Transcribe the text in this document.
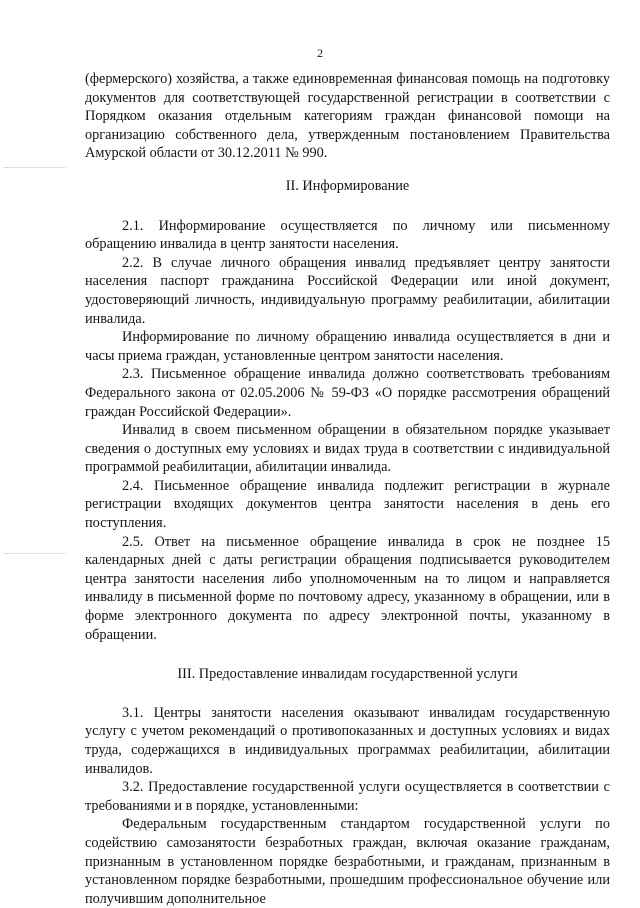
2

(фермерского) хозяйства, а также единовременная финансовая помощь на подготовку документов для соответствующей государственной регистрации в соответствии с Порядком оказания отдельным категориям граждан финансовой помощи на организацию собственного дела, утвержденным постановлением Правительства Амурской области от 30.12.2011 № 990.

II. Информирование

2.1. Информирование осуществляется по личному или письменному обращению инвалида в центр занятости населения.

2.2. В случае личного обращения инвалид предъявляет центру занятости населения паспорт гражданина Российской Федерации или иной документ, удостоверяющий личность, индивидуальную программу реабилитации, абилитации инвалида.

Информирование по личному обращению инвалида осуществляется в дни и часы приема граждан, установленные центром занятости населения.

2.3. Письменное обращение инвалида должно соответствовать требованиям Федерального закона от 02.05.2006 № 59-ФЗ «О порядке рассмотрения обращений граждан Российской Федерации».

Инвалид в своем письменном обращении в обязательном порядке указывает сведения о доступных ему условиях и видах труда в соответствии с индивидуальной программой реабилитации, абилитации инвалида.

2.4. Письменное обращение инвалида подлежит регистрации в журнале регистрации входящих документов центра занятости населения в день его поступления.

2.5. Ответ на письменное обращение инвалида в срок не позднее 15 календарных дней с даты регистрации обращения подписывается руководителем центра занятости населения либо уполномоченным на то лицом и направляется инвалиду в письменной форме по почтовому адресу, указанному в обращении, или в форме электронного документа по адресу электронной почты, указанному в обращении.

III. Предоставление инвалидам государственной услуги

3.1. Центры занятости населения оказывают инвалидам государственную услугу с учетом рекомендаций о противопоказанных и доступных условиях и видах труда, содержащихся в индивидуальных программах реабилитации, абилитации инвалидов.

3.2. Предоставление государственной услуги осуществляется в соответствии с требованиями и в порядке, установленными:

Федеральным государственным стандартом государственной услуги по содействию самозанятости безработных граждан, включая оказание гражданам, признанным в установленном порядке безработными, и гражданам, признанным в установленном порядке безработными, прошедшим профессиональное обучение или получившим дополнительное
